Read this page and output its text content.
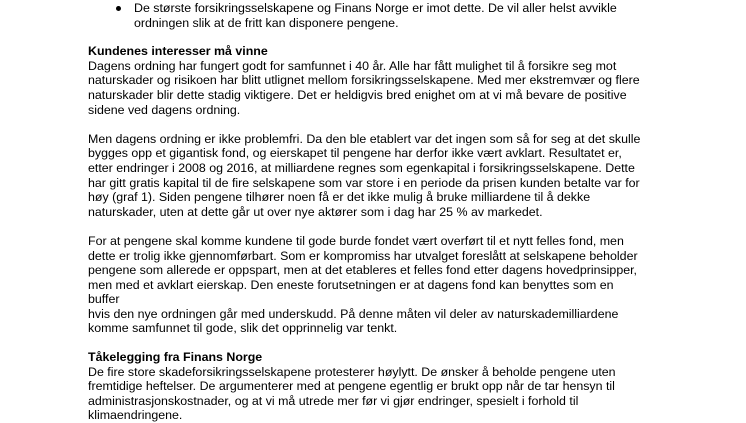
De største forsikringsselskapene og Finans Norge er imot dette. De vil aller helst avvikle
ordningen slik at de fritt kan disponere pengene.
Kundenes interesser må vinne
Dagens ordning har fungert godt for samfunnet i 40 år. Alle har fått mulighet til å forsikre seg mot
naturskader og risikoen har blitt utlignet mellom forsikringsselskapene. Med mer ekstremvær og flere
naturskader blir dette stadig viktigere. Det er heldigvis bred enighet om at vi må bevare de positive
sidene ved dagens ordning.
Men dagens ordning er ikke problemfri. Da den ble etablert var det ingen som så for seg at det skulle
bygges opp et gigantisk fond, og eierskapet til pengene har derfor ikke vært avklart. Resultatet er,
etter endringer i 2008 og 2016, at milliardene regnes som egenkapital i forsikringsselskapene. Dette
har gitt gratis kapital til de fire selskapene som var store i en periode da prisen kunden betalte var for
høy (graf 1). Siden pengene tilhører noen få er det ikke mulig å bruke milliardene til å dekke
naturskader, uten at dette går ut over nye aktører som i dag har 25 % av markedet.
For at pengene skal komme kundene til gode burde fondet vært overført til et nytt felles fond, men
dette er trolig ikke gjennomførbart. Som er kompromiss har utvalget foreslått at selskapene beholder
pengene som allerede er oppspart, men at det etableres et felles fond etter dagens hovedprinsipper,
men med et avklart eierskap. Den eneste forutsetningen er at dagens fond kan benyttes som en buffer
hvis den nye ordningen går med underskudd. På denne måten vil deler av naturskademilliardene
komme samfunnet til gode, slik det opprinnelig var tenkt.
Tåkelegging fra Finans Norge
De fire store skadeforsikringsselskapene protesterer høylytt. De ønsker å beholde pengene uten
fremtidige heftelser. De argumenterer med at pengene egentlig er brukt opp når de tar hensyn til
administrasjonskostnader, og at vi må utrede mer før vi gjør endringer, spesielt i forhold til
klimaendringene.
